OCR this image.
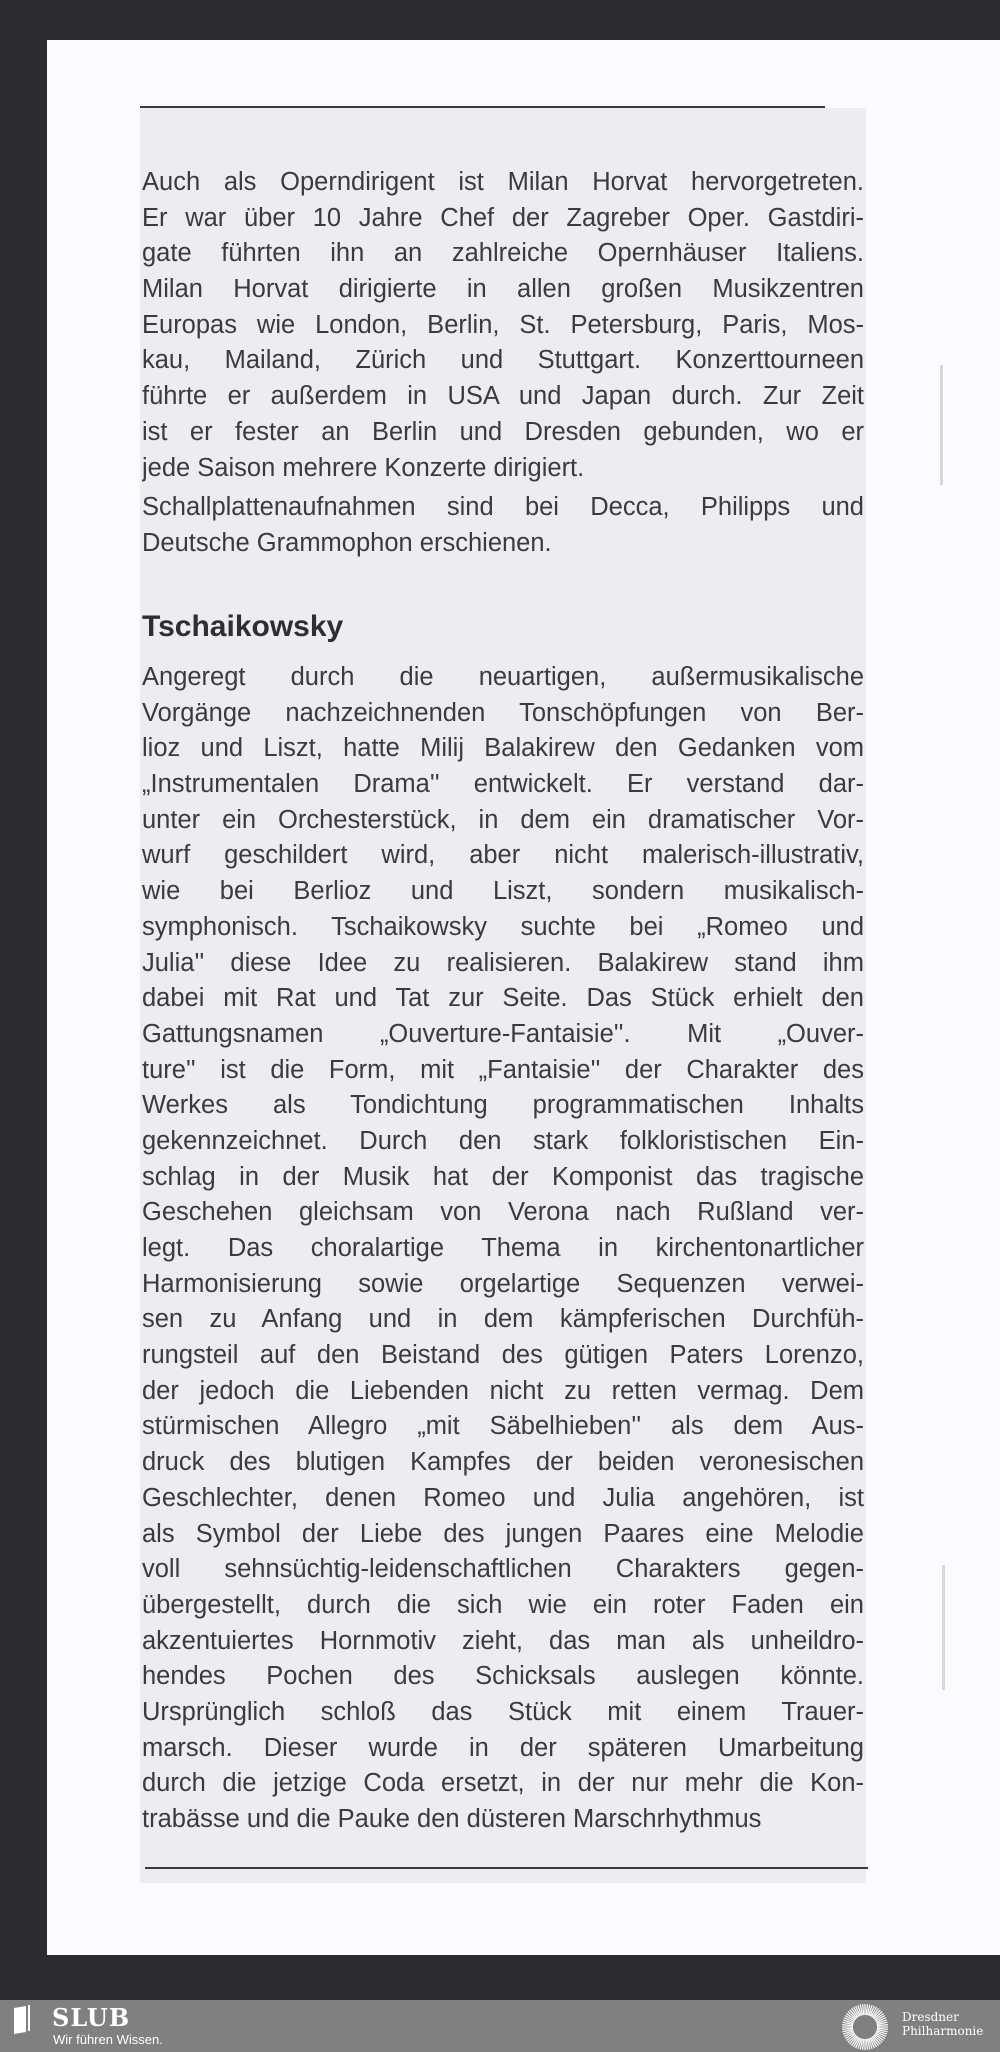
Auch als Operndirigent ist Milan Horvat hervorgetreten.
Er war über 10 Jahre Chef der Zagreber Oper. Gastdiri-
gate führten ihn an zahlreiche Opernhäuser Italiens.
Milan Horvat dirigierte in allen großen Musikzentren
Europas wie London, Berlin, St. Petersburg, Paris, Mos-
kau, Mailand, Zürich und Stuttgart. Konzerttourneen
führte er außerdem in USA und Japan durch. Zur Zeit
ist er fester an Berlin und Dresden gebunden, wo er
jede Saison mehrere Konzerte dirigiert.
Schallplattenaufnahmen sind bei Decca, Philipps und
Deutsche Grammophon erschienen.
Tschaikowsky
Angeregt durch die neuartigen, außermusikalische
Vorgänge nachzeichnenden Tonschöpfungen von Ber-
lioz und Liszt, hatte Milij Balakirew den Gedanken vom
„Instrumentalen Drama'' entwickelt. Er verstand dar-
unter ein Orchesterstück, in dem ein dramatischer Vor-
wurf geschildert wird, aber nicht malerisch-illustrativ,
wie bei Berlioz und Liszt, sondern musikalisch-
symphonisch. Tschaikowsky suchte bei „Romeo und
Julia'' diese Idee zu realisieren. Balakirew stand ihm
dabei mit Rat und Tat zur Seite. Das Stück erhielt den
Gattungsnamen „Ouverture-Fantaisie''. Mit „Ouver-
ture'' ist die Form, mit „Fantaisie'' der Charakter des
Werkes als Tondichtung programmatischen Inhalts
gekennzeichnet. Durch den stark folkloristischen Ein-
schlag in der Musik hat der Komponist das tragische
Geschehen gleichsam von Verona nach Rußland ver-
legt. Das choralartige Thema in kirchentonartlicher
Harmonisierung sowie orgelartige Sequenzen verwei-
sen zu Anfang und in dem kämpferischen Durchfüh-
rungsteil auf den Beistand des gütigen Paters Lorenzo,
der jedoch die Liebenden nicht zu retten vermag. Dem
stürmischen Allegro „mit Säbelhieben'' als dem Aus-
druck des blutigen Kampfes der beiden veronesischen
Geschlechter, denen Romeo und Julia angehören, ist
als Symbol der Liebe des jungen Paares eine Melodie
voll sehnsüchtig-leidenschaftlichen Charakters gegen-
übergestellt, durch die sich wie ein roter Faden ein
akzentuiertes Hornmotiv zieht, das man als unheildro-
hendes Pochen des Schicksals auslegen könnte.
Ursprünglich schloß das Stück mit einem Trauer-
marsch. Dieser wurde in der späteren Umarbeitung
durch die jetzige Coda ersetzt, in der nur mehr die Kon-
trabässe und die Pauke den düsteren Marschrhythmus
SLUB
Wir führen Wissen.
Dresdner
Philharmonie
